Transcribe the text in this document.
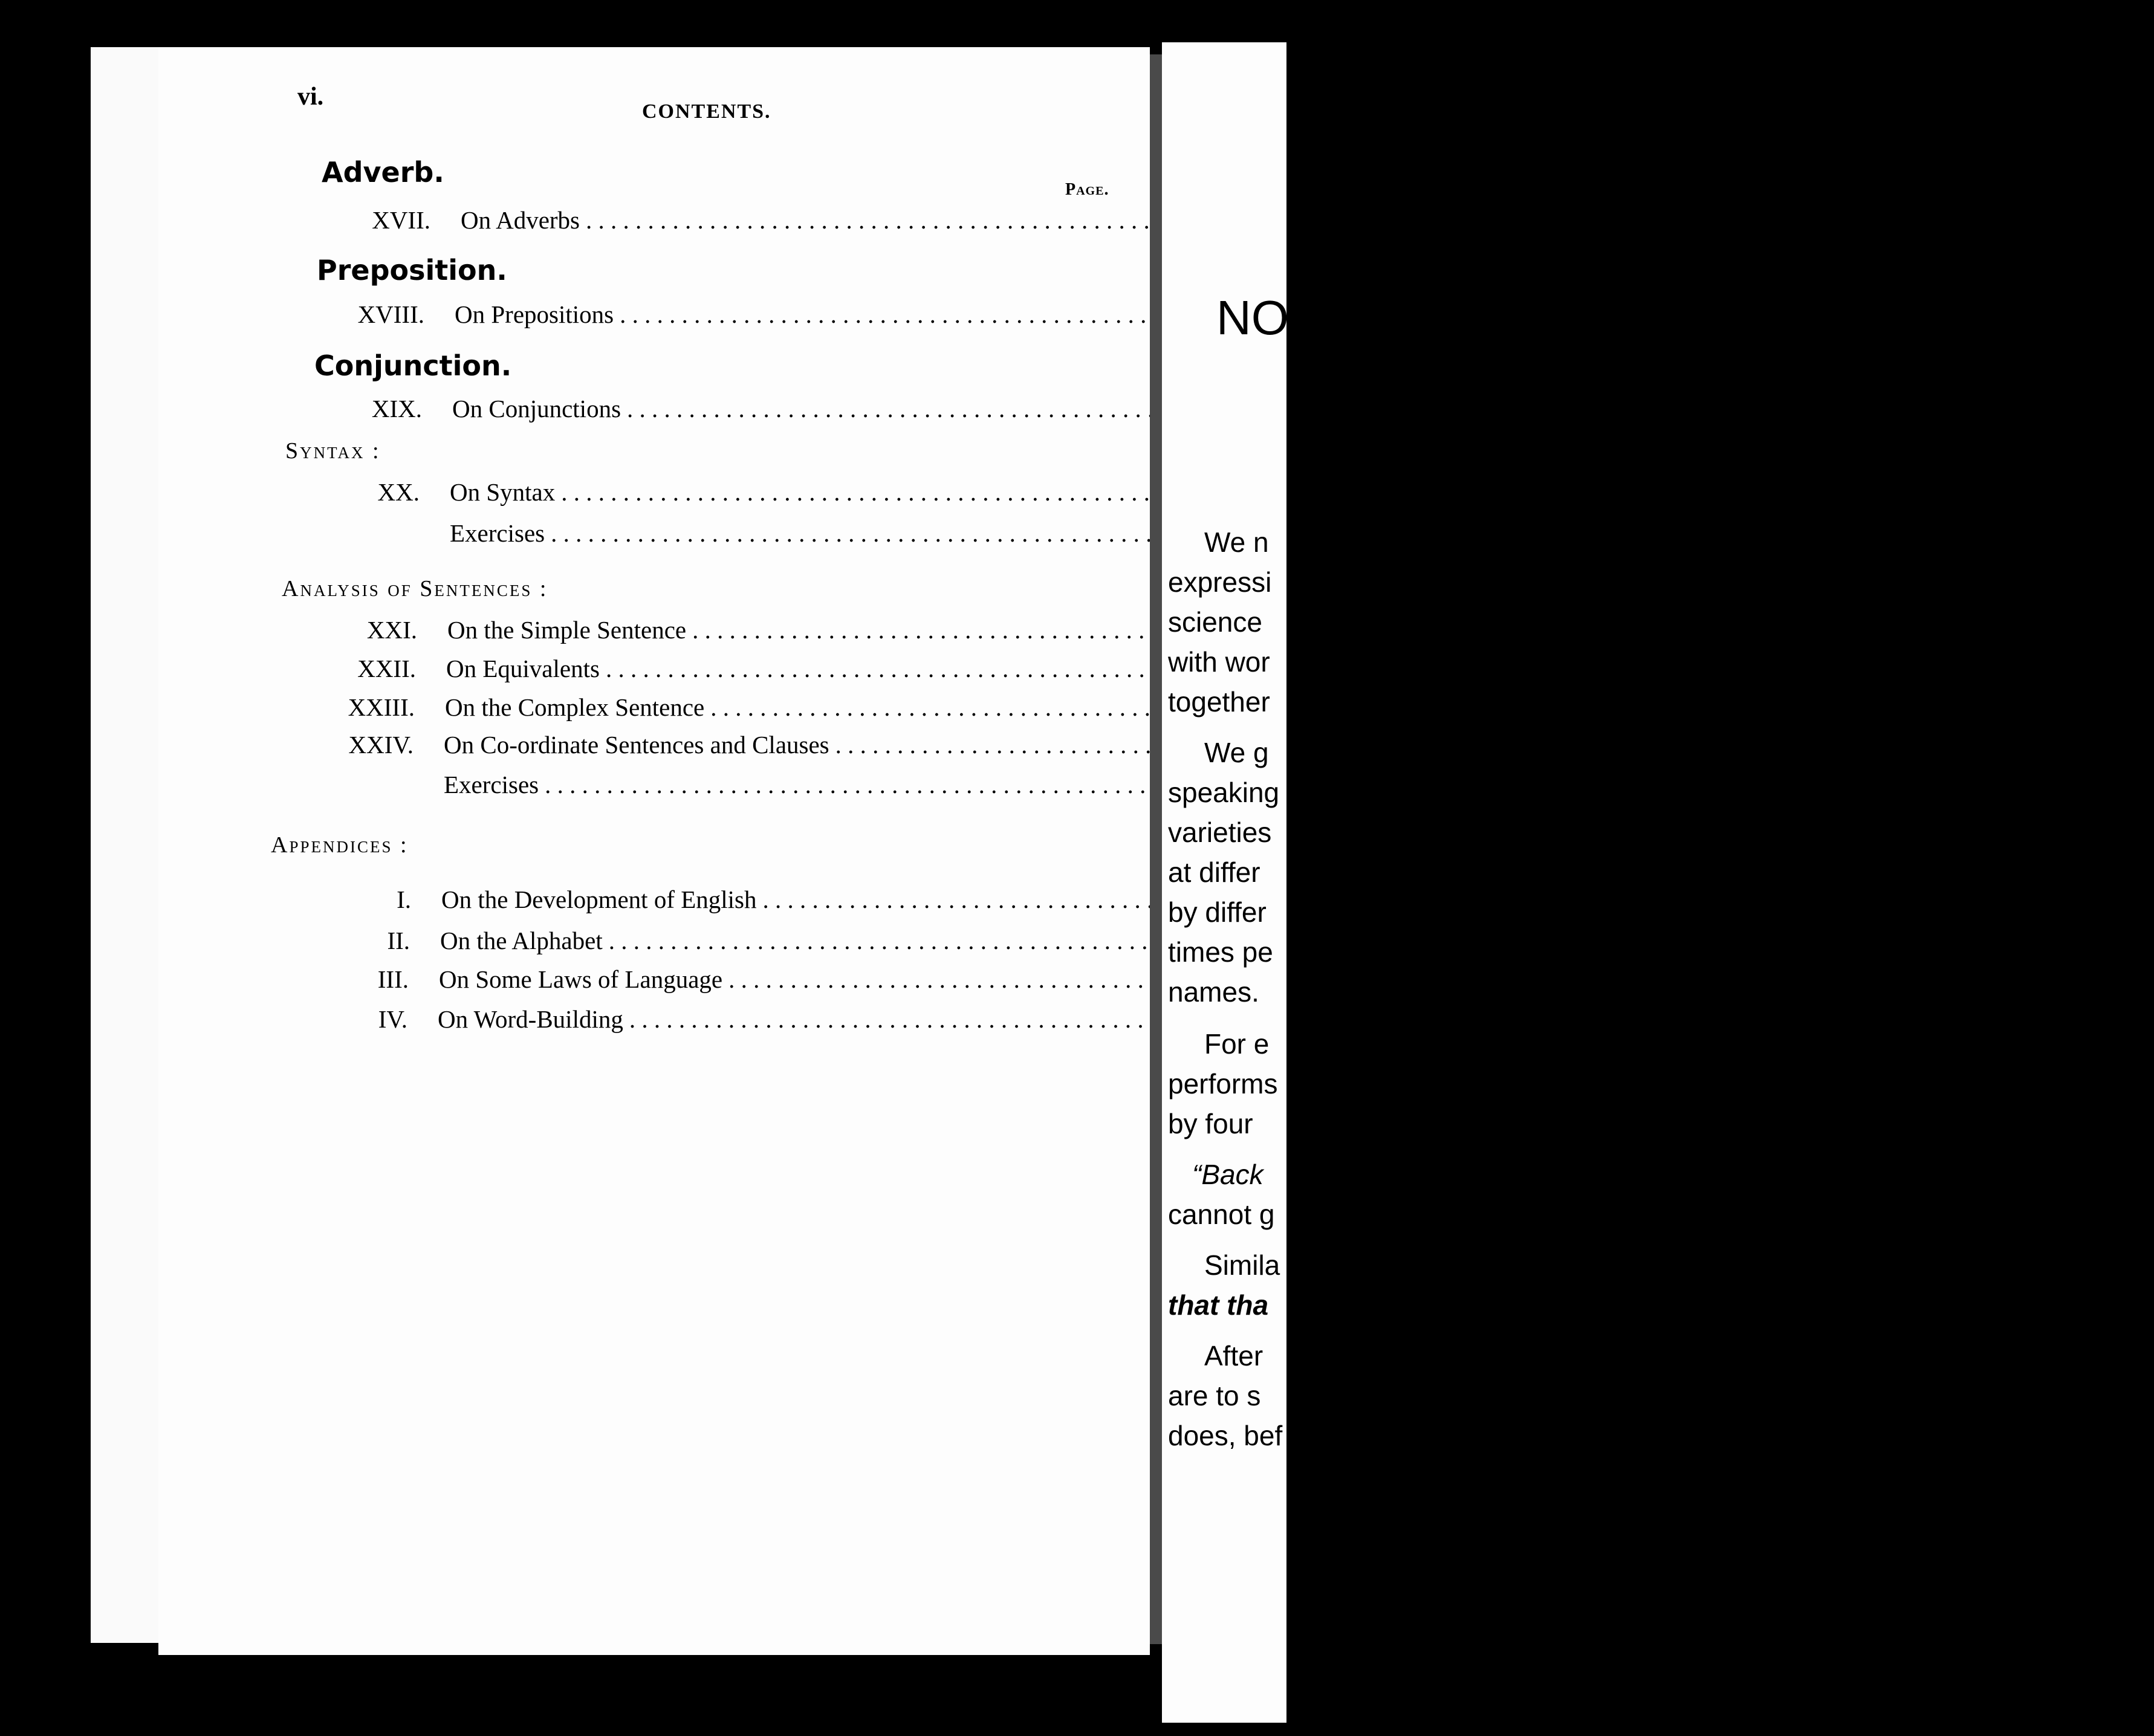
vi.
CONTENTS.
Adverb.
Page.
XVII.	On Adverbs . . .	60
Preposition.
XVIII.	On Prepositions . . .	62
Conjunction.
XIX.	On Conjunctions . . .	63
Syntax :
XX.	On Syntax . . .	65
Exercises . . .	70
Analysis of Sentences :
XXI.	On the Simple Sentence . . .	73
XXII.	On Equivalents . . .	75
XXIII.	On the Complex Sentence . . .	78
XXIV.	On Co-ordinate Sentences and Clauses . . .	81
Exercises . . .	85
Appendices :
I.	On the Development of English . . .	87
II.	On the Alphabet . . .	89
III.	On Some Laws of Language . . .	92
IV.	On Word-Building . . .	95
NOT
We n
expressi
science
with wor
together
We g
speaking
varieties
at differ
by differ
times pe
names.
For e
performs
by four
“Back
cannot g
Simila
that tha
After
are to s
does, bef
